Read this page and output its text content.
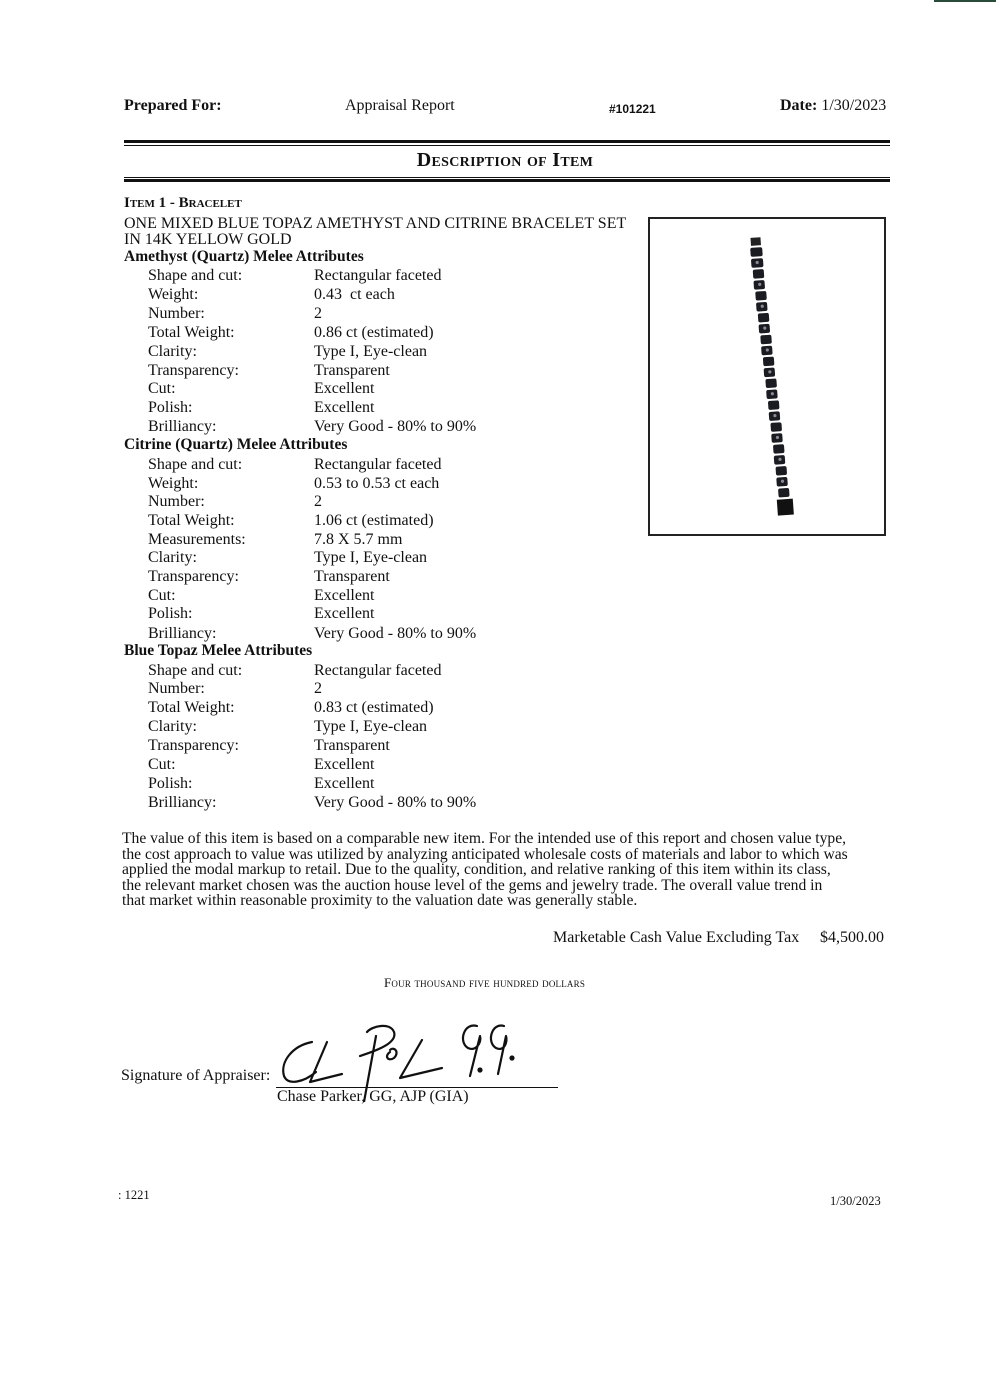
Prepared For:	Appraisal Report	#101221	Date: 1/30/2023
Description of Item
Item 1 - Bracelet
ONE MIXED BLUE TOPAZ AMETHYST AND CITRINE BRACELET SET
IN 14K YELLOW GOLD
Amethyst (Quartz) Melee Attributes
Shape and cut:	Rectangular faceted
Weight:	0.43  ct each
Number:	2
Total Weight:	0.86 ct (estimated)
Clarity:	Type I, Eye-clean
Transparency:	Transparent
Cut:	Excellent
Polish:	Excellent
Brilliancy:	Very Good - 80% to 90%
Citrine (Quartz) Melee Attributes
Shape and cut:	Rectangular faceted
Weight:	0.53 to 0.53 ct each
Number:	2
Total Weight:	1.06 ct (estimated)
Measurements:	7.8 X 5.7 mm
Clarity:	Type I, Eye-clean
Transparency:	Transparent
Cut:	Excellent
Polish:	Excellent
Brilliancy:	Very Good - 80% to 90%
Blue Topaz Melee Attributes
Shape and cut:	Rectangular faceted
Number:	2
Total Weight:	0.83 ct (estimated)
Clarity:	Type I, Eye-clean
Transparency:	Transparent
Cut:	Excellent
Polish:	Excellent
Brilliancy:	Very Good - 80% to 90%
The value of this item is based on a comparable new item. For the intended use of this report and chosen value type,
the cost approach to value was utilized by analyzing anticipated wholesale costs of materials and labor to which was
applied the modal markup to retail. Due to the quality, condition, and relative ranking of this item within its class,
the relevant market chosen was the auction house level of the gems and jewelry trade. The overall value trend in
that market within reasonable proximity to the valuation date was generally stable.
Marketable Cash Value Excluding Tax $4,500.00
Four thousand five hundred dollars
Signature of Appraiser:
Chase Parker, GG, AJP (GIA)
: 1221	1/30/2023
